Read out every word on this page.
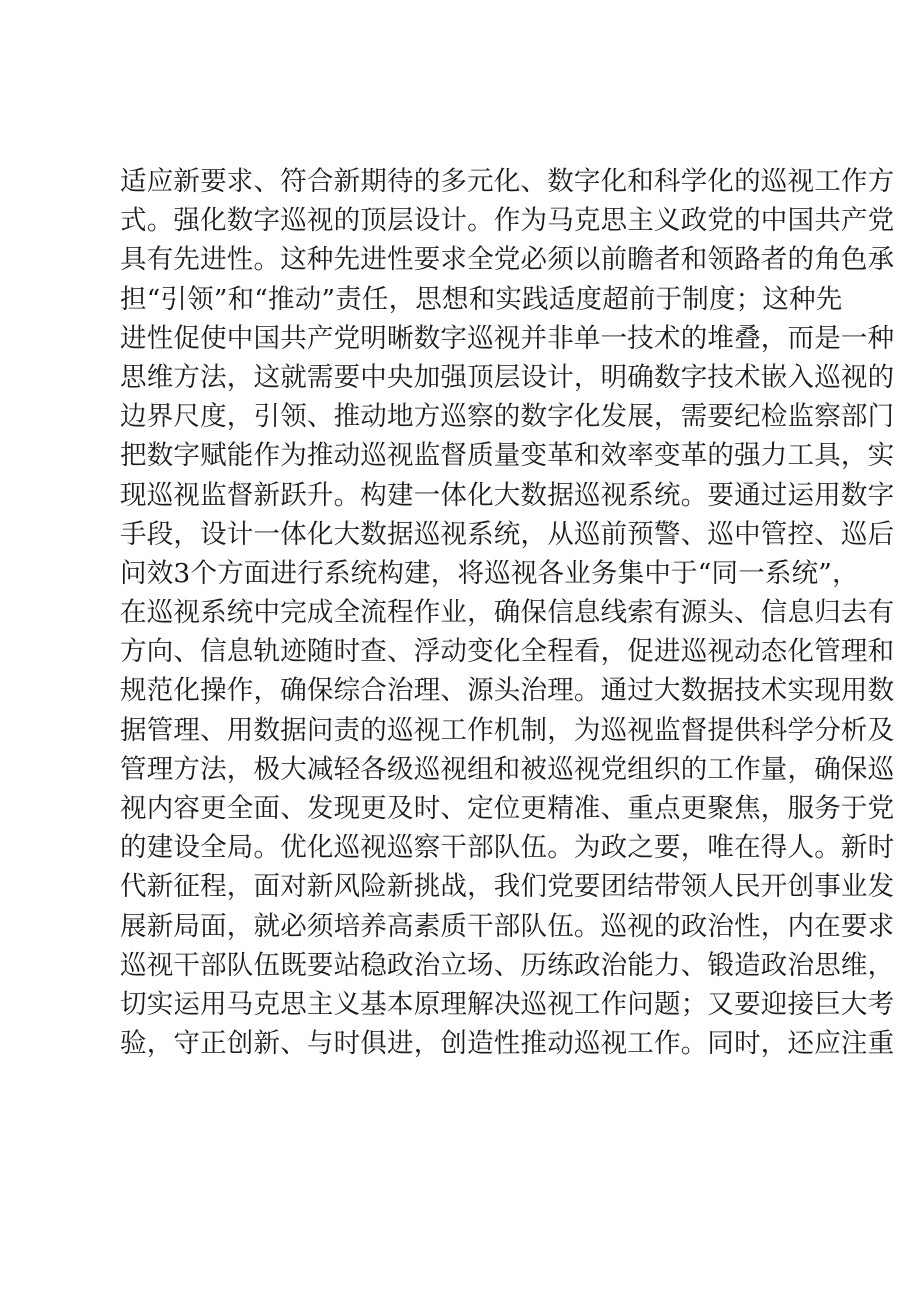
适应新要求、符合新期待的多元化、数字化和科学化的巡视工作方
式。强化数字巡视的顶层设计。作为马克思主义政党的中国共产党
具有先进性。这种先进性要求全党必须以前瞻者和领路者的角色承
担“引领”和“推动”责任，思想和实践适度超前于制度；这种先
进性促使中国共产党明晰数字巡视并非单一技术的堆叠，而是一种
思维方法，这就需要中央加强顶层设计，明确数字技术嵌入巡视的
边界尺度，引领、推动地方巡察的数字化发展，需要纪检监察部门
把数字赋能作为推动巡视监督质量变革和效率变革的强力工具，实
现巡视监督新跃升。构建一体化大数据巡视系统。要通过运用数字
手段，设计一体化大数据巡视系统，从巡前预警、巡中管控、巡后
问效3个方面进行系统构建，将巡视各业务集中于“同一系统”，
在巡视系统中完成全流程作业，确保信息线索有源头、信息归去有
方向、信息轨迹随时查、浮动变化全程看，促进巡视动态化管理和
规范化操作，确保综合治理、源头治理。通过大数据技术实现用数
据管理、用数据问责的巡视工作机制，为巡视监督提供科学分析及
管理方法，极大减轻各级巡视组和被巡视党组织的工作量，确保巡
视内容更全面、发现更及时、定位更精准、重点更聚焦，服务于党
的建设全局。优化巡视巡察干部队伍。为政之要，唯在得人。新时
代新征程，面对新风险新挑战，我们党要团结带领人民开创事业发
展新局面，就必须培养高素质干部队伍。巡视的政治性，内在要求
巡视干部队伍既要站稳政治立场、历练政治能力、锻造政治思维，
切实运用马克思主义基本原理解决巡视工作问题；又要迎接巨大考
验，守正创新、与时俱进，创造性推动巡视工作。同时，还应注重
